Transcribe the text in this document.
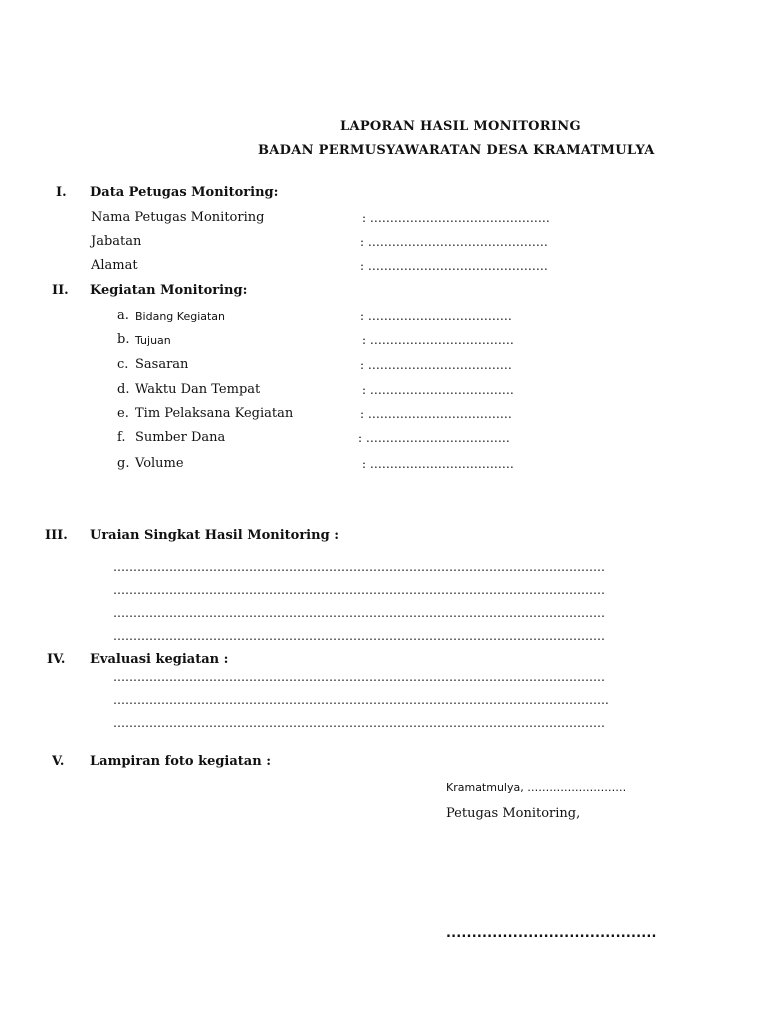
LAPORAN HASIL MONITORING
BADAN PERMUSYAWARATAN DESA KRAMATMULYA
I. Data Petugas Monitoring:
Nama Petugas Monitoring	: ………………………………………
Jabatan	: ………………………………………
Alamat	: ………………………………………
II. Kegiatan Monitoring:
a. Bidang Kegiatan	: ………………………………
b. Tujuan	: ………………………………
c. Sasaran	: ………………………………
d. Waktu Dan Tempat	: ………………………………
e. Tim Pelaksana Kegiatan	: ………………………………
f. Sumber Dana	: ………………………………
g. Volume	: ………………………………
III. Uraian Singkat Hasil Monitoring :
……………………………………………………………………………………………………………
……………………………………………………………………………………………………………
……………………………………………………………………………………………………………
……………………………………………………………………………………………………………
IV. Evaluasi kegiatan :
……………………………………………………………………………………………………………
…………………………………………………………………………………………………………….
……………………………………………………………………………………………………………
V. Lampiran foto kegiatan :
Kramatmulya, ………………………
Petugas Monitoring,
.........................................
